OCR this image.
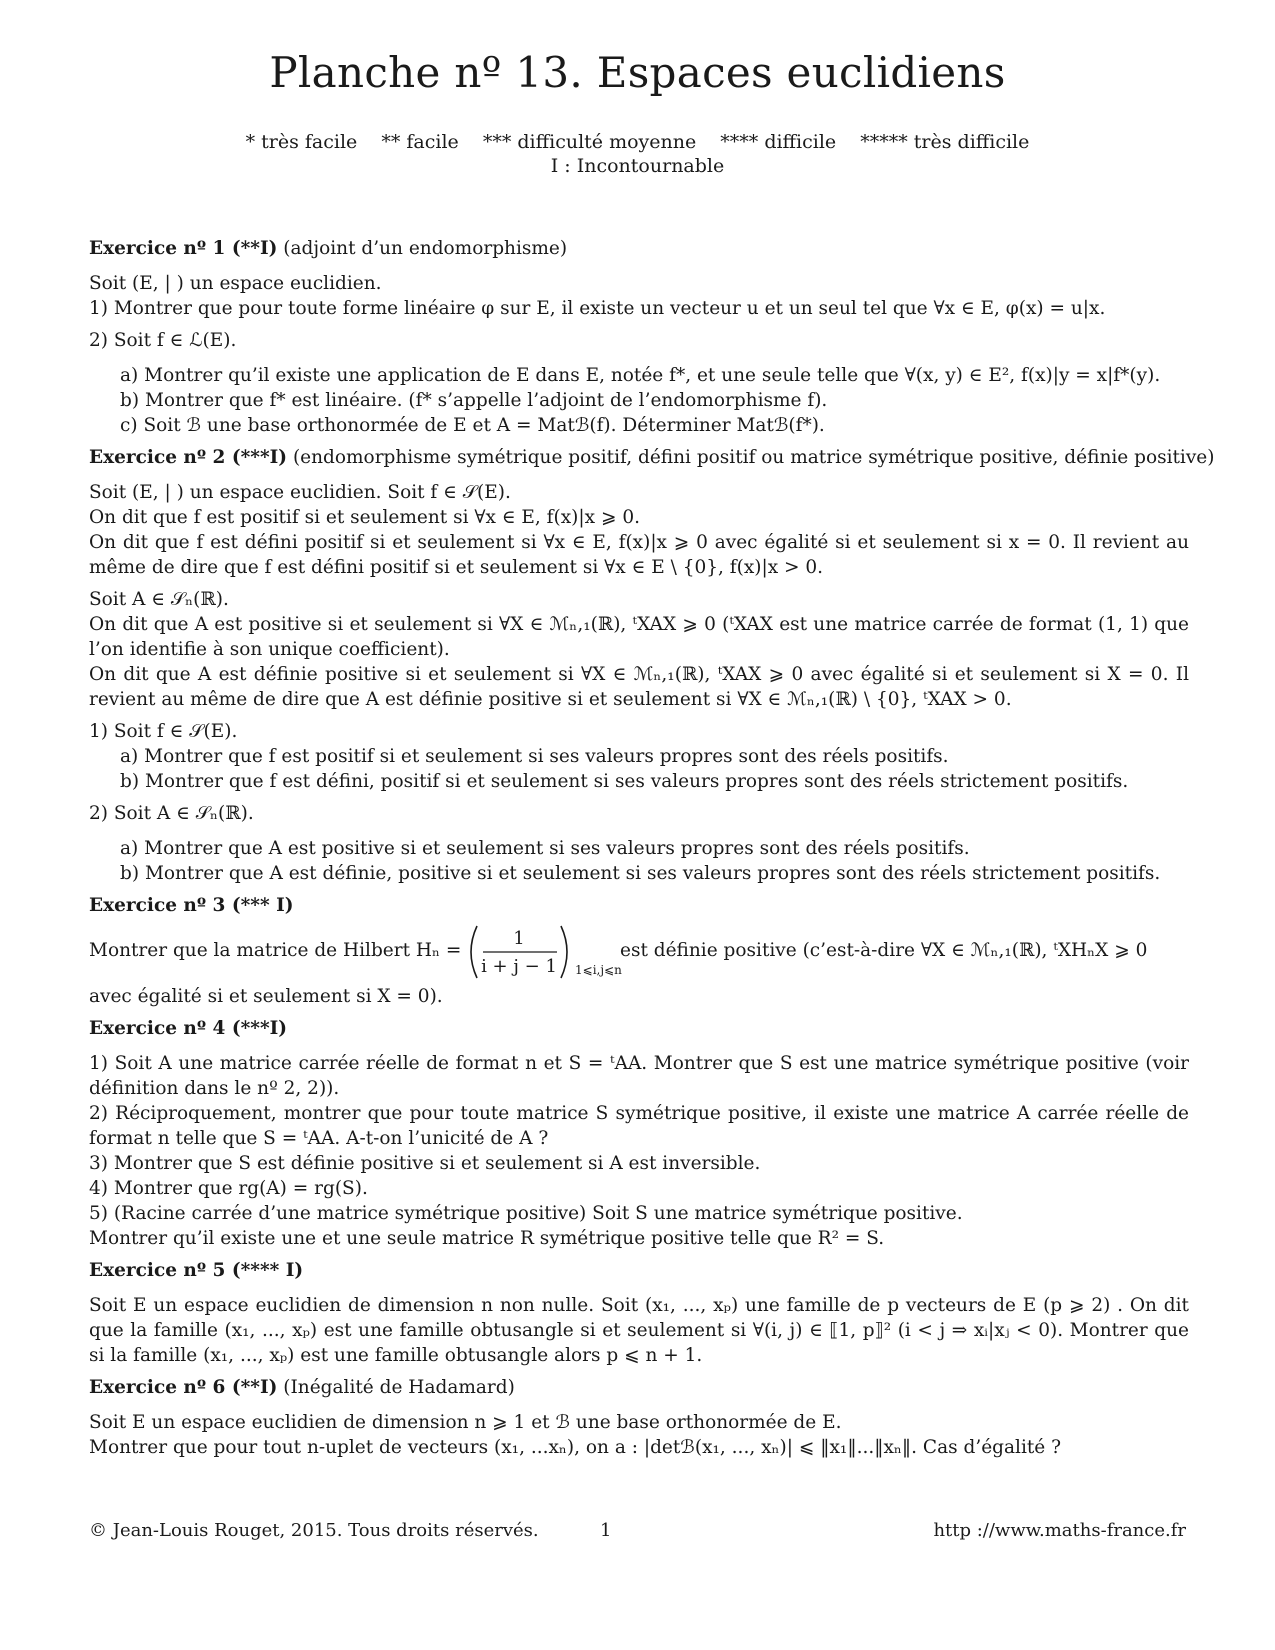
Planche nº 13. Espaces euclidiens
* très facile ** facile *** difficulté moyenne **** difficile ***** très difficile
I : Incontournable
Exercice nº 1 (**I) (adjoint d’un endomorphisme)
Soit (E, | ) un espace euclidien.
1) Montrer que pour toute forme linéaire φ sur E, il existe un vecteur u et un seul tel que ∀x ∈ E, φ(x) = u|x.
2) Soit f ∈ ℒ(E).
a) Montrer qu’il existe une application de E dans E, notée f*, et une seule telle que ∀(x, y) ∈ E², f(x)|y = x|f*(y).
b) Montrer que f* est linéaire. (f* s’appelle l’adjoint de l’endomorphisme f).
c) Soit ℬ une base orthonormée de E et A = Matℬ(f). Déterminer Matℬ(f*).
Exercice nº 2 (***I) (endomorphisme symétrique positif, défini positif ou matrice symétrique positive, définie positive)
Soit (E, | ) un espace euclidien. Soit f ∈ 𝒮(E).
On dit que f est positif si et seulement si ∀x ∈ E, f(x)|x ⩾ 0.
On dit que f est défini positif si et seulement si ∀x ∈ E, f(x)|x ⩾ 0 avec égalité si et seulement si x = 0. Il revient au même de dire que f est défini positif si et seulement si ∀x ∈ E \ {0}, f(x)|x > 0.
Soit A ∈ 𝒮ₙ(ℝ).
On dit que A est positive si et seulement si ∀X ∈ ℳₙ,₁(ℝ), ᵗXAX ⩾ 0 (ᵗXAX est une matrice carrée de format (1, 1) que l’on identifie à son unique coefficient).
On dit que A est définie positive si et seulement si ∀X ∈ ℳₙ,₁(ℝ), ᵗXAX ⩾ 0 avec égalité si et seulement si X = 0. Il revient au même de dire que A est définie positive si et seulement si ∀X ∈ ℳₙ,₁(ℝ) \ {0}, ᵗXAX > 0.
1) Soit f ∈ 𝒮(E).
a) Montrer que f est positif si et seulement si ses valeurs propres sont des réels positifs.
b) Montrer que f est défini, positif si et seulement si ses valeurs propres sont des réels strictement positifs.
2) Soit A ∈ 𝒮ₙ(ℝ).
a) Montrer que A est positive si et seulement si ses valeurs propres sont des réels positifs.
b) Montrer que A est définie, positive si et seulement si ses valeurs propres sont des réels strictement positifs.
Exercice nº 3 (*** I)
Montrer que la matrice de Hilbert Hₙ =
1
i + j − 1 1⩽i,j⩽n
est définie positive (c’est-à-dire ∀X ∈ ℳₙ,₁(ℝ), ᵗXHₙX ⩾ 0
avec égalité si et seulement si X = 0).
Exercice nº 4 (***I)
1) Soit A une matrice carrée réelle de format n et S = ᵗAA. Montrer que S est une matrice symétrique positive (voir définition dans le nº 2, 2)).
2) Réciproquement, montrer que pour toute matrice S symétrique positive, il existe une matrice A carrée réelle de format n telle que S = ᵗAA. A-t-on l’unicité de A ?
3) Montrer que S est définie positive si et seulement si A est inversible.
4) Montrer que rg(A) = rg(S).
5) (Racine carrée d’une matrice symétrique positive) Soit S une matrice symétrique positive.
Montrer qu’il existe une et une seule matrice R symétrique positive telle que R² = S.
Exercice nº 5 (**** I)
Soit E un espace euclidien de dimension n non nulle. Soit (x₁, ..., xₚ) une famille de p vecteurs de E (p ⩾ 2) . On dit que la famille (x₁, ..., xₚ) est une famille obtusangle si et seulement si ∀(i, j) ∈ ⟦1, p⟧² (i < j ⇒ xᵢ|xⱼ < 0). Montrer que si la famille (x₁, ..., xₚ) est une famille obtusangle alors p ⩽ n + 1.
Exercice nº 6 (**I) (Inégalité de Hadamard)
Soit E un espace euclidien de dimension n ⩾ 1 et ℬ une base orthonormée de E.
Montrer que pour tout n-uplet de vecteurs (x₁, ...xₙ), on a : |detℬ(x₁, ..., xₙ)| ⩽ ‖x₁‖...‖xₙ‖. Cas d’égalité ?
© Jean-Louis Rouget, 2015. Tous droits réservés.	1	http ://www.maths-france.fr
